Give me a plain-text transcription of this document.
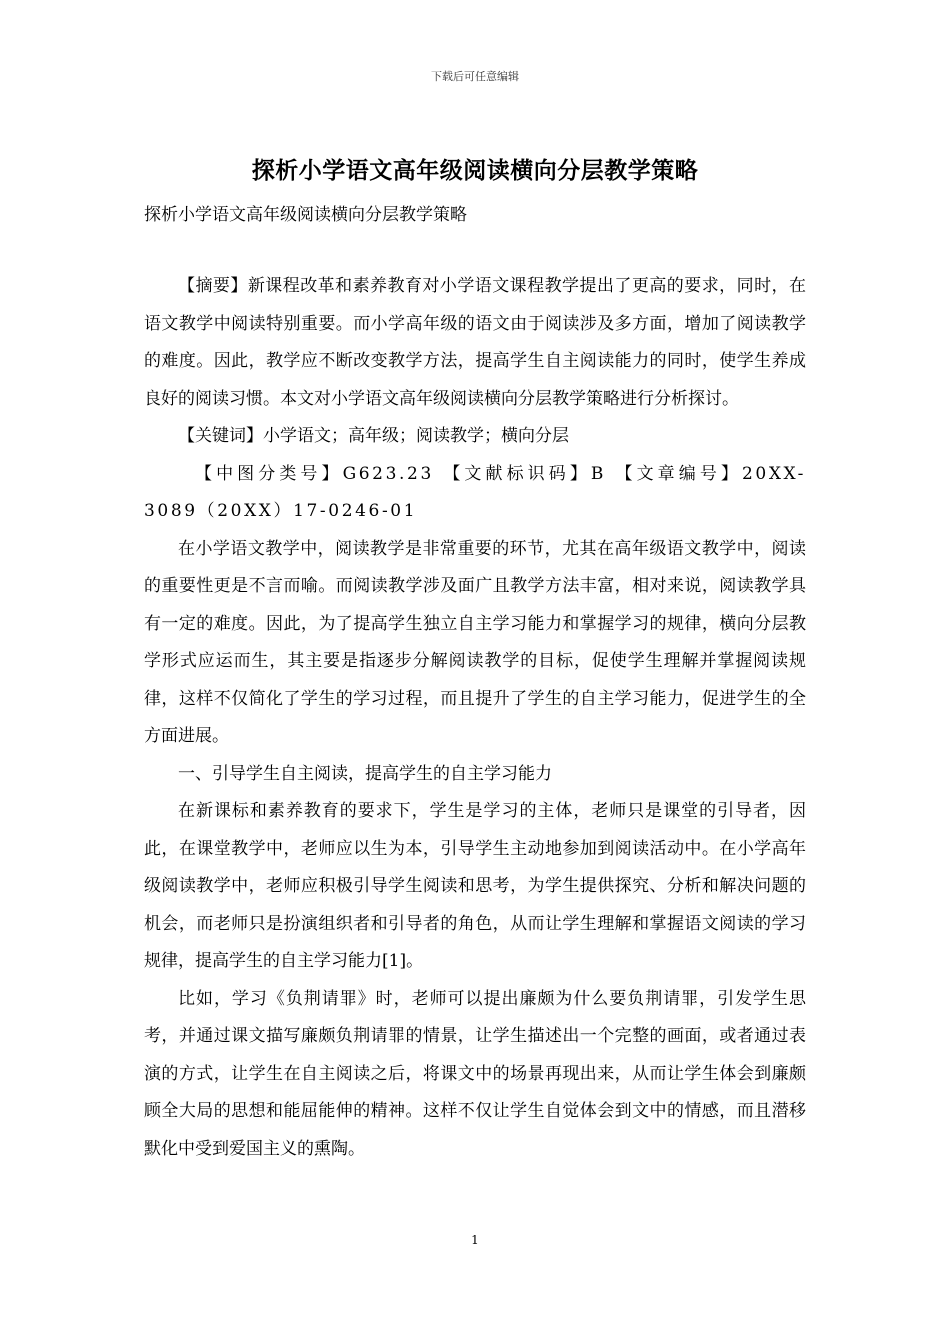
下载后可任意编辑
探析小学语文高年级阅读横向分层教学策略
探析小学语文高年级阅读横向分层教学策略

【摘要】新课程改革和素养教育对小学语文课程教学提出了更高的要求，同时，在语文教学中阅读特别重要。而小学高年级的语文由于阅读涉及多方面，增加了阅读教学的难度。因此，教学应不断改变教学方法，提高学生自主阅读能力的同时，使学生养成良好的阅读习惯。本文对小学语文高年级阅读横向分层教学策略进行分析探讨。

【关键词】小学语文；高年级；阅读教学；横向分层

【中图分类号】G623.23 【文献标识码】B 【文章编号】20XX-3089（20XX）17-0246-01

在小学语文教学中，阅读教学是非常重要的环节，尤其在高年级语文教学中，阅读的重要性更是不言而喻。而阅读教学涉及面广且教学方法丰富，相对来说，阅读教学具有一定的难度。因此，为了提高学生独立自主学习能力和掌握学习的规律，横向分层教学形式应运而生，其主要是指逐步分解阅读教学的目标，促使学生理解并掌握阅读规律，这样不仅简化了学生的学习过程，而且提升了学生的自主学习能力，促进学生的全方面进展。

一、引导学生自主阅读，提高学生的自主学习能力

在新课标和素养教育的要求下，学生是学习的主体，老师只是课堂的引导者，因此，在课堂教学中，老师应以生为本，引导学生主动地参加到阅读活动中。在小学高年级阅读教学中，老师应积极引导学生阅读和思考，为学生提供探究、分析和解决问题的机会，而老师只是扮演组织者和引导者的角色，从而让学生理解和掌握语文阅读的学习规律，提高学生的自主学习能力[1]。

比如，学习《负荆请罪》时，老师可以提出廉颇为什么要负荆请罪，引发学生思考，并通过课文描写廉颇负荆请罪的情景，让学生描述出一个完整的画面，或者通过表演的方式，让学生在自主阅读之后，将课文中的场景再现出来，从而让学生体会到廉颇顾全大局的思想和能屈能伸的精神。这样不仅让学生自觉体会到文中的情感，而且潜移默化中受到爱国主义的熏陶。

1
